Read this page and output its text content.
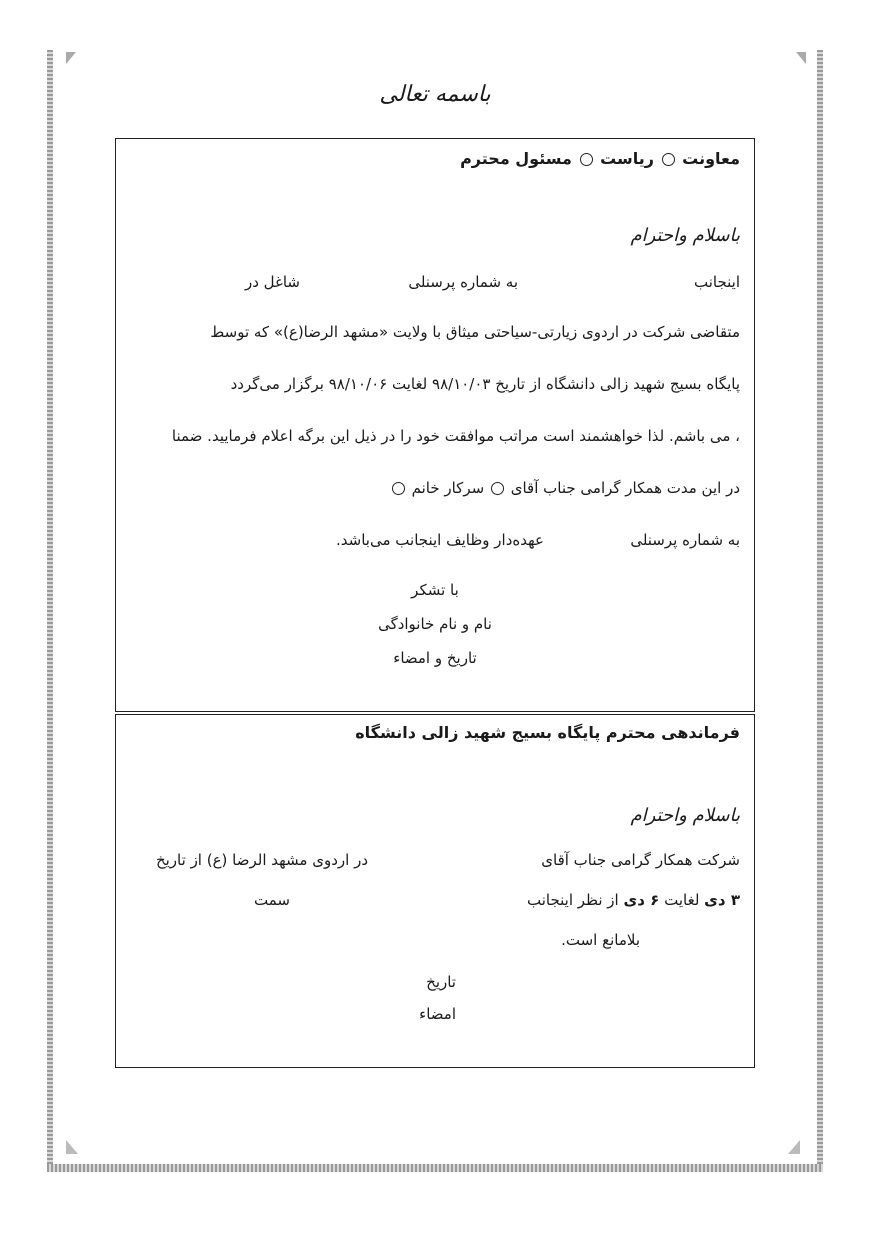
باسمه تعالی
معاونت  ریاست  مسئول محترم
باسلام واحترام
اینجانب
به شماره پرسنلی
شاغل در
متقاضی شرکت در اردوی زیارتی-سیاحتی میثاق با ولایت «مشهد الرضا(ع)» که توسط
پایگاه بسیج شهید زالی دانشگاه از تاریخ ۹۸/۱۰/۰۳ لغایت ۹۸/۱۰/۰۶ برگزار می‌گردد
، می باشم. لذا خواهشمند است مراتب موافقت خود را در ذیل این برگه اعلام فرمایید. ضمنا
در این مدت همکار گرامی جناب آقای  سرکار خانم
به شماره پرسنلی
عهده‌دار وظایف اینجانب می‌باشد.
با تشکر
نام و نام خانوادگی
تاریخ و امضاء
فرماندهی محترم پایگاه بسیج شهید زالی دانشگاه
باسلام واحترام
شرکت همکار گرامی جناب آقای
در اردوی مشهد الرضا (ع) از تاریخ
۳ دی لغایت ۶ دی از نظر اینجانب
سمت
بلامانع است.
تاریخ
امضاء
